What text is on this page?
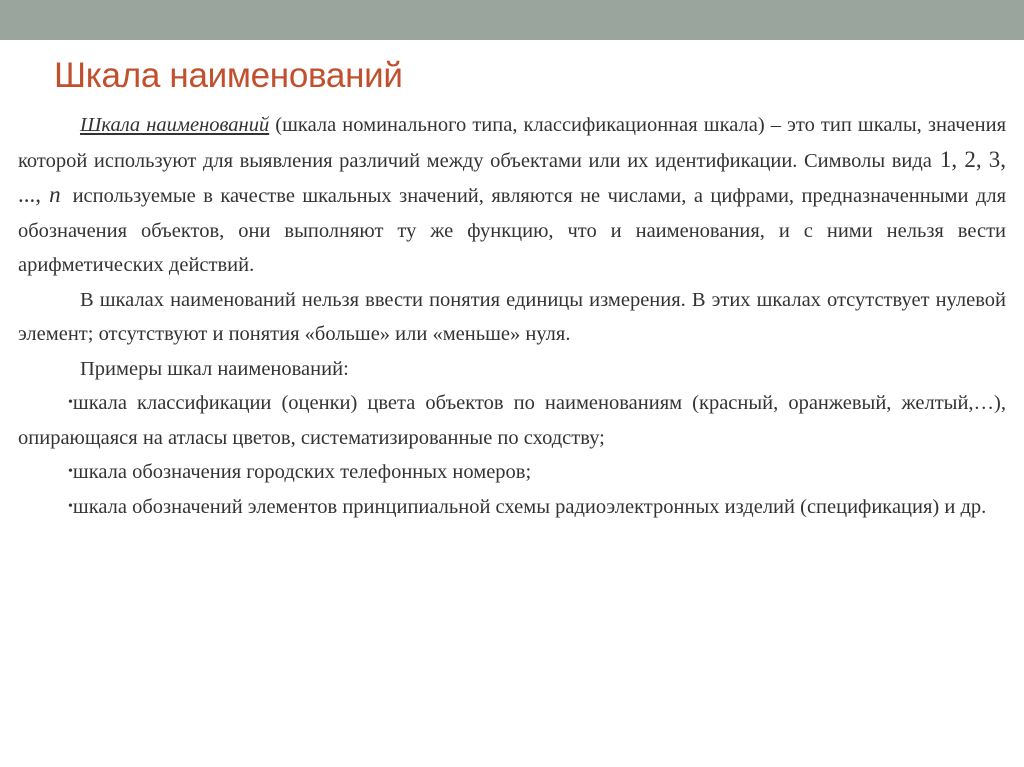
Шкала наименований

Шкала наименований (шкала номинального типа, классификационная шкала) – это тип шкалы, значения которой используют для выявления различий между объектами или их идентификации. Символы вида 1, 2, 3, ..., n используемые в качестве шкальных значений, являются не числами, а цифрами, предназначенными для обозначения объектов, они выполняют ту же функцию, что и наименования, и с ними нельзя вести арифметических действий.

В шкалах наименований нельзя ввести понятия единицы измерения. В этих шкалах отсутствует нулевой элемент; отсутствуют и понятия «больше» или «меньше» нуля.

Примеры шкал наименований:

•шкала классификации (оценки) цвета объектов по наименованиям (красный, оранжевый, желтый,…), опирающаяся на атласы цветов, систематизированные по сходству;

•шкала обозначения городских телефонных номеров;

•шкала обозначений элементов принципиальной схемы радиоэлектронных изделий (спецификация) и др.
